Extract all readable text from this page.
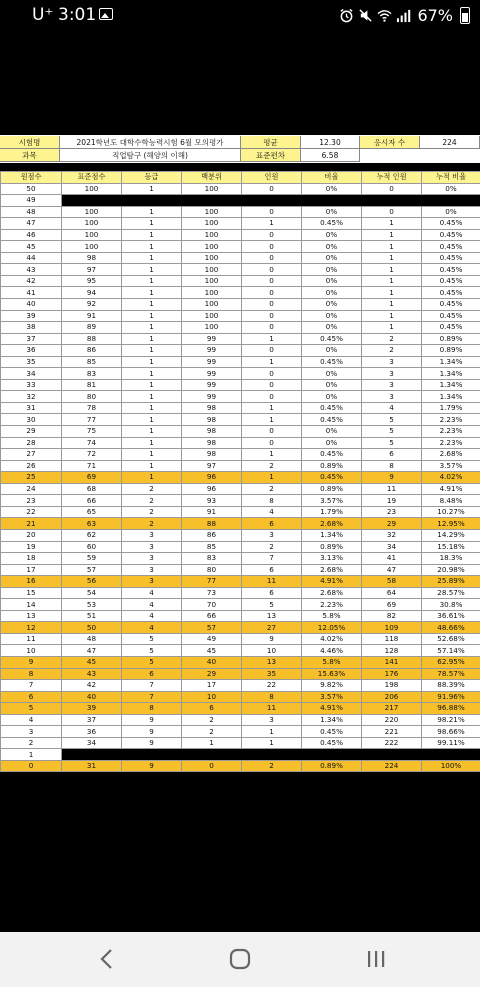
U⁺ 3:01	67%
시험명	2021학년도 대학수학능력시험 6월 모의평가	평균	12.30	응시자 수	224
과목	직업탐구 (해양의 이해)	표준편차	6.58
원점수	표준점수	등급	백분위	인원	비율	누적 인원	누적 비율
50	100	1	100	0	0%	0	0%
49							
48	100	1	100	0	0%	0	0%
47	100	1	100	1	0.45%	1	0.45%
46	100	1	100	0	0%	1	0.45%
45	100	1	100	0	0%	1	0.45%
44	98	1	100	0	0%	1	0.45%
43	97	1	100	0	0%	1	0.45%
42	95	1	100	0	0%	1	0.45%
41	94	1	100	0	0%	1	0.45%
40	92	1	100	0	0%	1	0.45%
39	91	1	100	0	0%	1	0.45%
38	89	1	100	0	0%	1	0.45%
37	88	1	99	1	0.45%	2	0.89%
36	86	1	99	0	0%	2	0.89%
35	85	1	99	1	0.45%	3	1.34%
34	83	1	99	0	0%	3	1.34%
33	81	1	99	0	0%	3	1.34%
32	80	1	99	0	0%	3	1.34%
31	78	1	98	1	0.45%	4	1.79%
30	77	1	98	1	0.45%	5	2.23%
29	75	1	98	0	0%	5	2.23%
28	74	1	98	0	0%	5	2.23%
27	72	1	98	1	0.45%	6	2.68%
26	71	1	97	2	0.89%	8	3.57%
25	69	1	96	1	0.45%	9	4.02%
24	68	2	96	2	0.89%	11	4.91%
23	66	2	93	8	3.57%	19	8.48%
22	65	2	91	4	1.79%	23	10.27%
21	63	2	88	6	2.68%	29	12.95%
20	62	3	86	3	1.34%	32	14.29%
19	60	3	85	2	0.89%	34	15.18%
18	59	3	83	7	3.13%	41	18.3%
17	57	3	80	6	2.68%	47	20.98%
16	56	3	77	11	4.91%	58	25.89%
15	54	4	73	6	2.68%	64	28.57%
14	53	4	70	5	2.23%	69	30.8%
13	51	4	66	13	5.8%	82	36.61%
12	50	4	57	27	12.05%	109	48.66%
11	48	5	49	9	4.02%	118	52.68%
10	47	5	45	10	4.46%	128	57.14%
9	45	5	40	13	5.8%	141	62.95%
8	43	6	29	35	15.63%	176	78.57%
7	42	7	17	22	9.82%	198	88.39%
6	40	7	10	8	3.57%	206	91.96%
5	39	8	6	11	4.91%	217	96.88%
4	37	9	2	3	1.34%	220	98.21%
3	36	9	2	1	0.45%	221	98.66%
2	34	9	1	1	0.45%	222	99.11%
1							
0	31	9	0	2	0.89%	224	100%
